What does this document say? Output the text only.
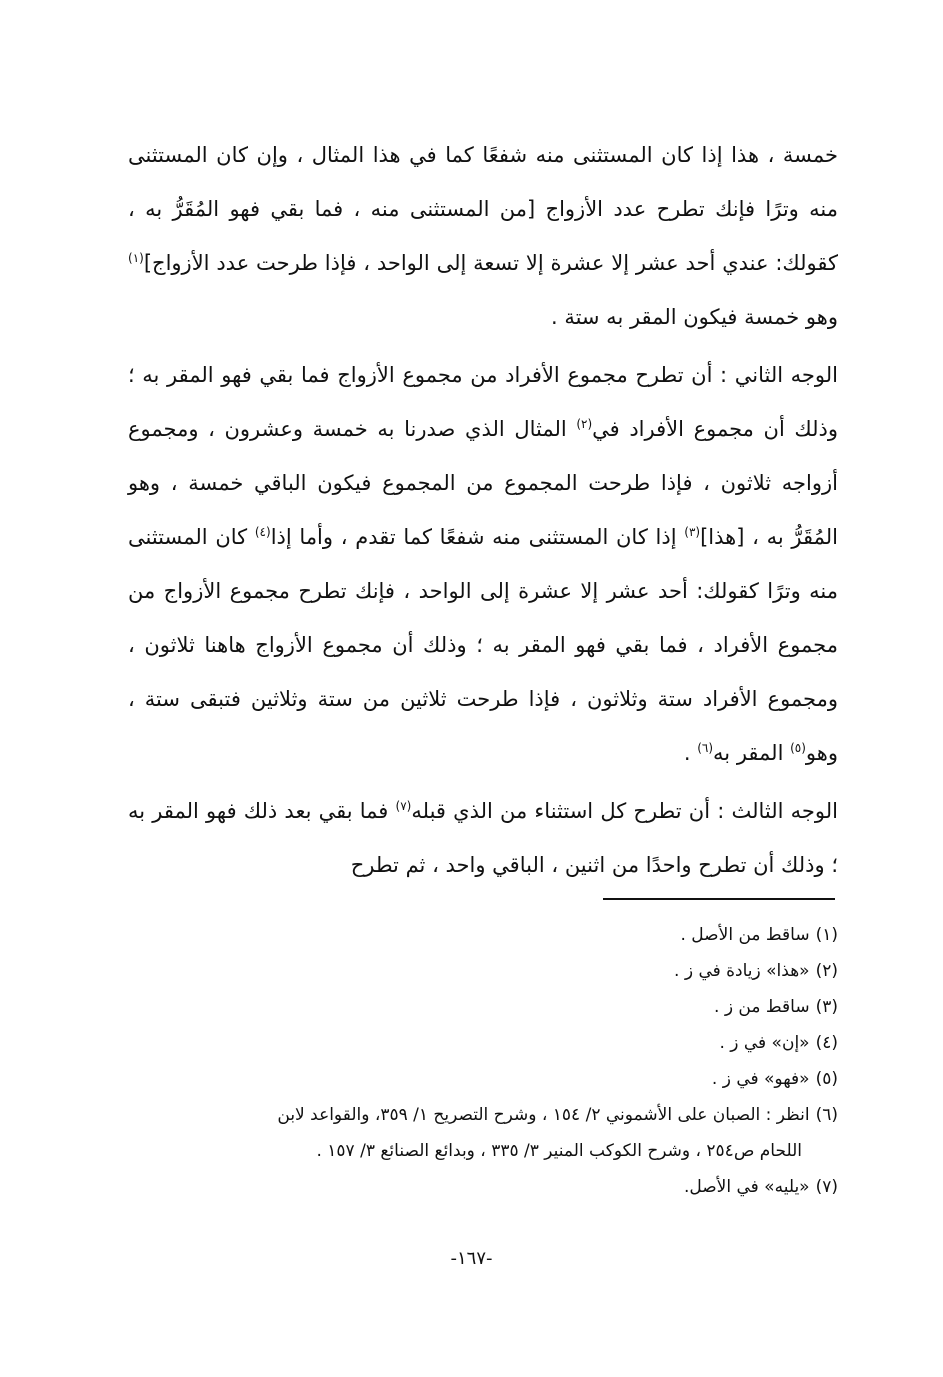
خمسة ، هذا إذا كان المستثنى منه شفعًا كما في هذا المثال ، وإن كان المستثنى منه وترًا فإنك تطرح عدد الأزواج [من المستثنى منه ، فما بقي فهو المُقَرُّ به ، كقولك: عندي أحد عشر إلا عشرة إلا تسعة إلى الواحد ، فإذا طرحت عدد الأزواج]$^{(١)}$ وهو خمسة فيكون المقر به ستة .

الوجه الثاني : أن تطرح مجموع الأفراد من مجموع الأزواج فما بقي فهو المقر به ؛ وذلك أن مجموع الأفراد في$^{(٢)}$ المثال الذي صدرنا به خمسة وعشرون ، ومجموع أزواجه ثلاثون ، فإذا طرحت المجموع من المجموع فيكون الباقي خمسة ، وهو المُقَرُّ به ، [هذا]$^{(٣)}$ إذا كان المستثنى منه شفعًا كما تقدم ، وأما إذا$^{(٤)}$ كان المستثنى منه وترًا كقولك: أحد عشر إلا عشرة إلى الواحد ، فإنك تطرح مجموع الأزواج من مجموع الأفراد ، فما بقي فهو المقر به ؛ وذلك أن مجموع الأزواج هاهنا ثلاثون ، ومجموع الأفراد ستة وثلاثون ، فإذا طرحت ثلاثين من ستة وثلاثين فتبقى ستة ، وهو$^{(٥)}$ المقر به$^{(٦)}$ .

الوجه الثالث : أن تطرح كل استثناء من الذي قبله$^{(٧)}$ فما بقي بعد ذلك فهو المقر به ؛ وذلك أن تطرح واحدًا من اثنين ، الباقي واحد ، ثم تطرح

(١)ساقط من الأصل .
(٢)«هذا» زيادة في ز .
(٣)ساقط من ز .
(٤)«إن» في ز .
(٥)«فهو» في ز .
(٦)انظر : الصبان على الأشموني ٢/ ١٥٤ ، وشرح التصريح ١/ ٣٥٩، والقواعد لابن
اللحام ص٢٥٤ ، وشرح الكوكب المنير ٣/ ٣٣٥ ، وبدائع الصنائع ٣/ ١٥٧ .
(٧)«يليه» في الأصل.
-١٦٧-
